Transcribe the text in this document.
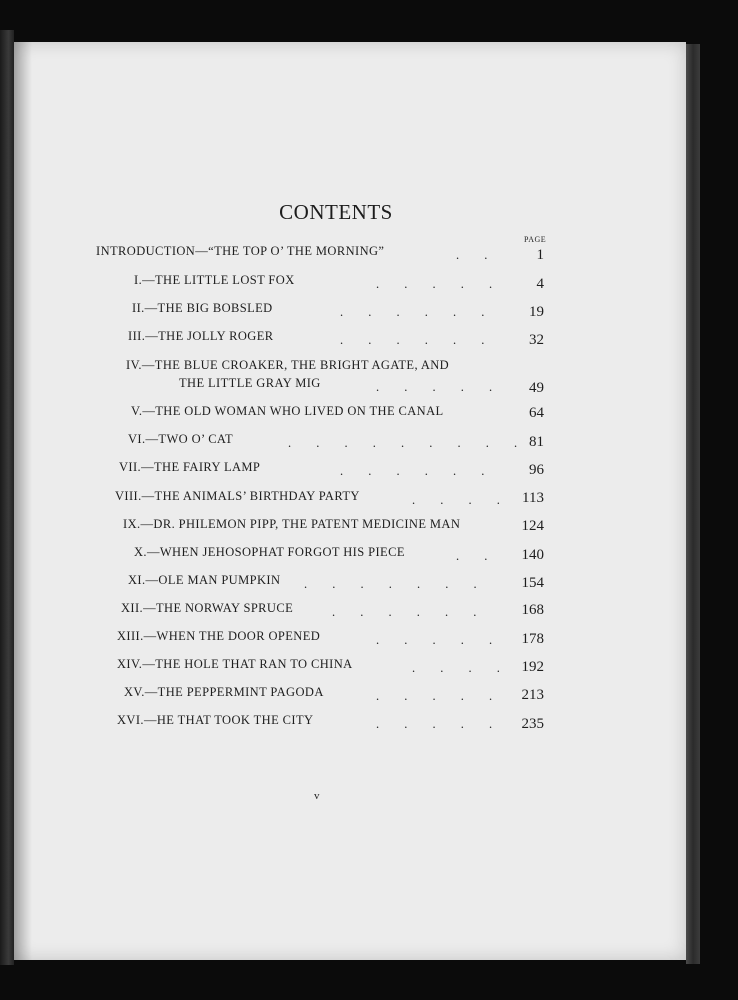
CONTENTS
PAGE
INTRODUCTION—“THE TOP O’ THE MORNING”	. .	1
I.—THE LITTLE LOST FOX	. . . . .	4
II.—THE BIG BOBSLED	. . . . . .	19
III.—THE JOLLY ROGER	. . . . . .	32
IV.—THE BLUE CROAKER, THE BRIGHT AGATE, AND
THE LITTLE GRAY MIG	. . . . .	49
V.—THE OLD WOMAN WHO LIVED ON THE CANAL	64
VI.—TWO O’ CAT	. . . . . . . . . 81
VII.—THE FAIRY LAMP	. . . . . .	96
VIII.—THE ANIMALS’ BIRTHDAY PARTY	. . . . 113
IX.—DR. PHILEMON PIPP, THE PATENT MEDICINE MAN	124
X.—WHEN JEHOSOPHAT FORGOT HIS PIECE	. .	140
XI.—OLE MAN PUMPKIN . . . . . . .	154
XII.—THE NORWAY SPRUCE	. . . . . .	168
XIII.—WHEN THE DOOR OPENED	. . . . .	178
XIV.—THE HOLE THAT RAN TO CHINA	. . . . 192
XV.—THE PEPPERMINT PAGODA	. . . . .	213
XVI.—HE THAT TOOK THE CITY	. . . . .	235
v
